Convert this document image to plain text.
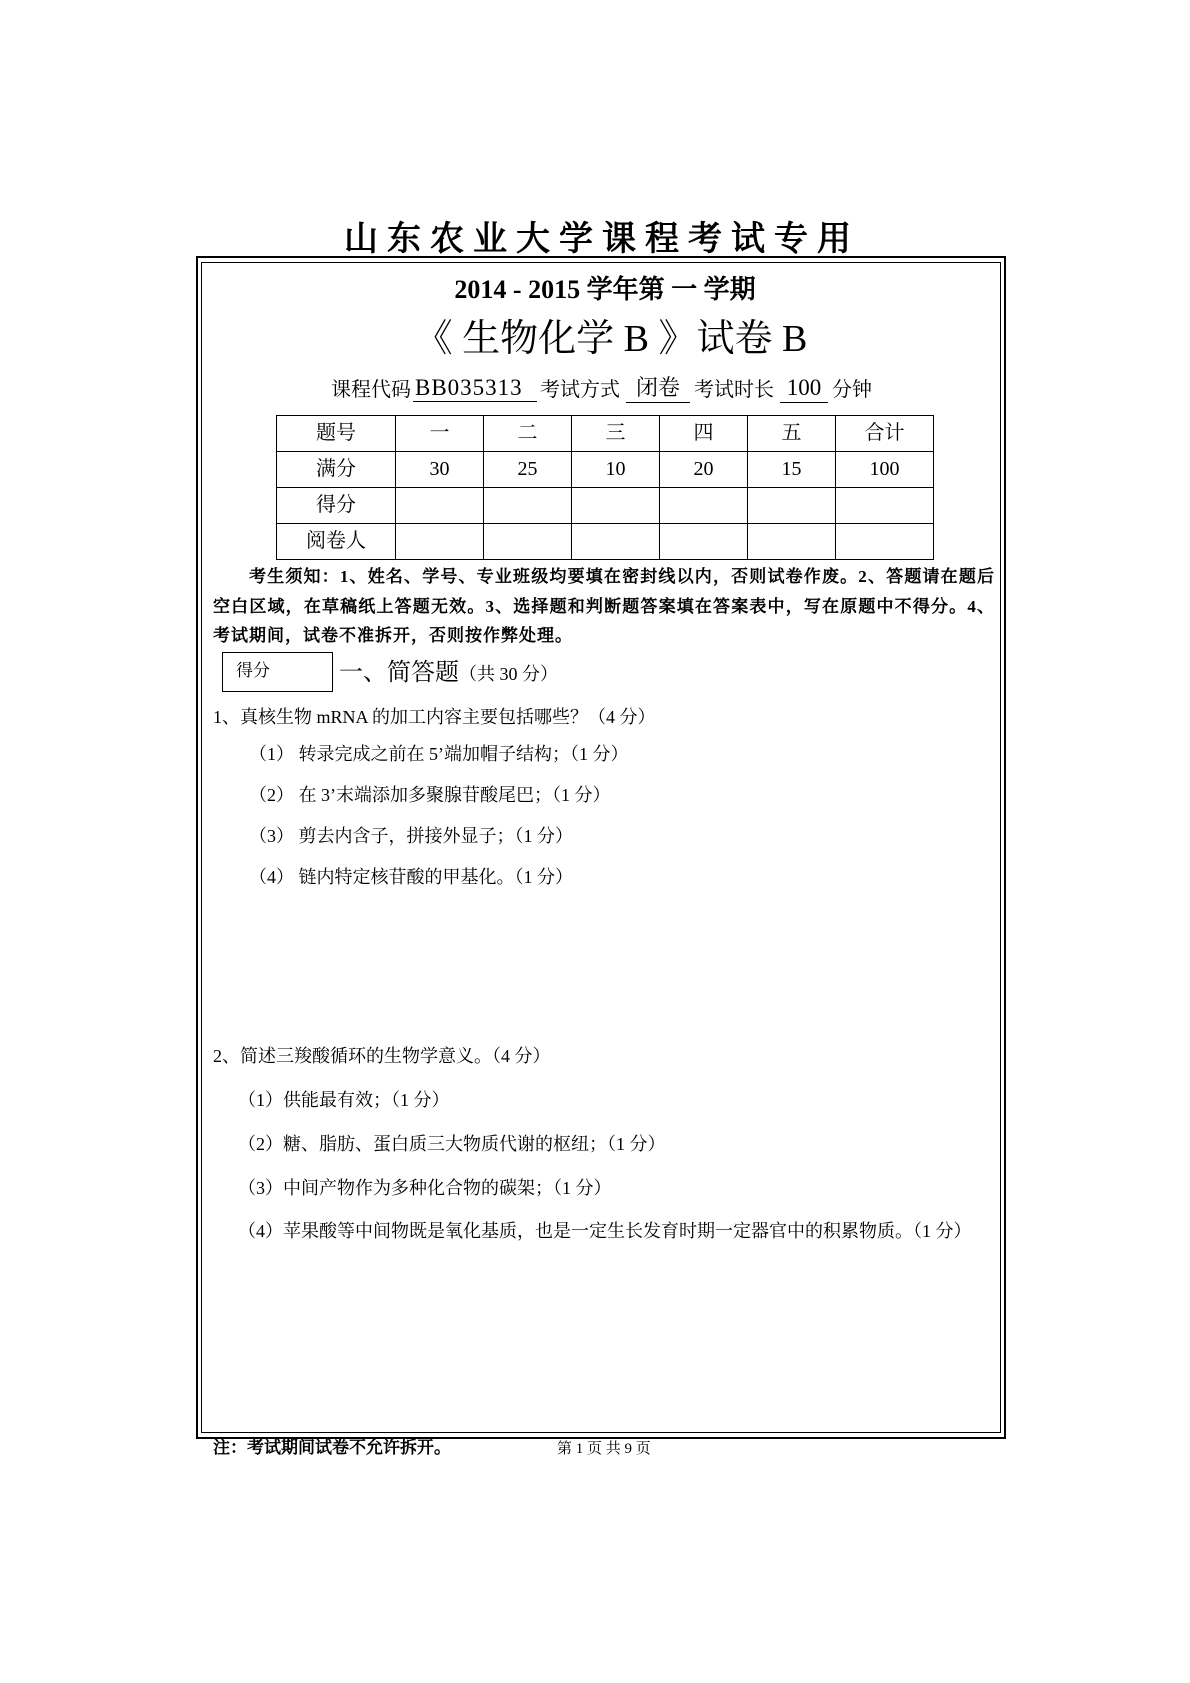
山东农业大学课程考试专用
2014 - 2015 学年第 一 学期
《 生物化学 B 》试卷 B
课程代码 BB035313 考试方式 闭卷 考试时长 100 分钟
题号	一	二	三	四	五	合计
满分	30	25	10	20	15	100
得分						
阅卷人						
考生须知：1、姓名、学号、专业班级均要填在密封线以内，否则试卷作废。2、答题请在题后
空白区域，在草稿纸上答题无效。3、选择题和判断题答案填在答案表中，写在原题中不得分。4、
考试期间，试卷不准拆开，否则按作弊处理。
得分	一、简答题（共 30 分）
1、真核生物 mRNA 的加工内容主要包括哪些？（4 分）
（1） 转录完成之前在 5’端加帽子结构；（1 分）
（2） 在 3’末端添加多聚腺苷酸尾巴；（1 分）
（3） 剪去内含子，拼接外显子；（1 分）
（4） 链内特定核苷酸的甲基化。（1 分）
2、简述三羧酸循环的生物学意义。（4 分）
（1）供能最有效；（1 分）
（2）糖、脂肪、蛋白质三大物质代谢的枢纽；（1 分）
（3）中间产物作为多种化合物的碳架；（1 分）
（4）苹果酸等中间物既是氧化基质，也是一定生长发育时期一定器官中的积累物质。（1 分）
注：考试期间试卷不允许拆开。	第 1 页 共 9 页
